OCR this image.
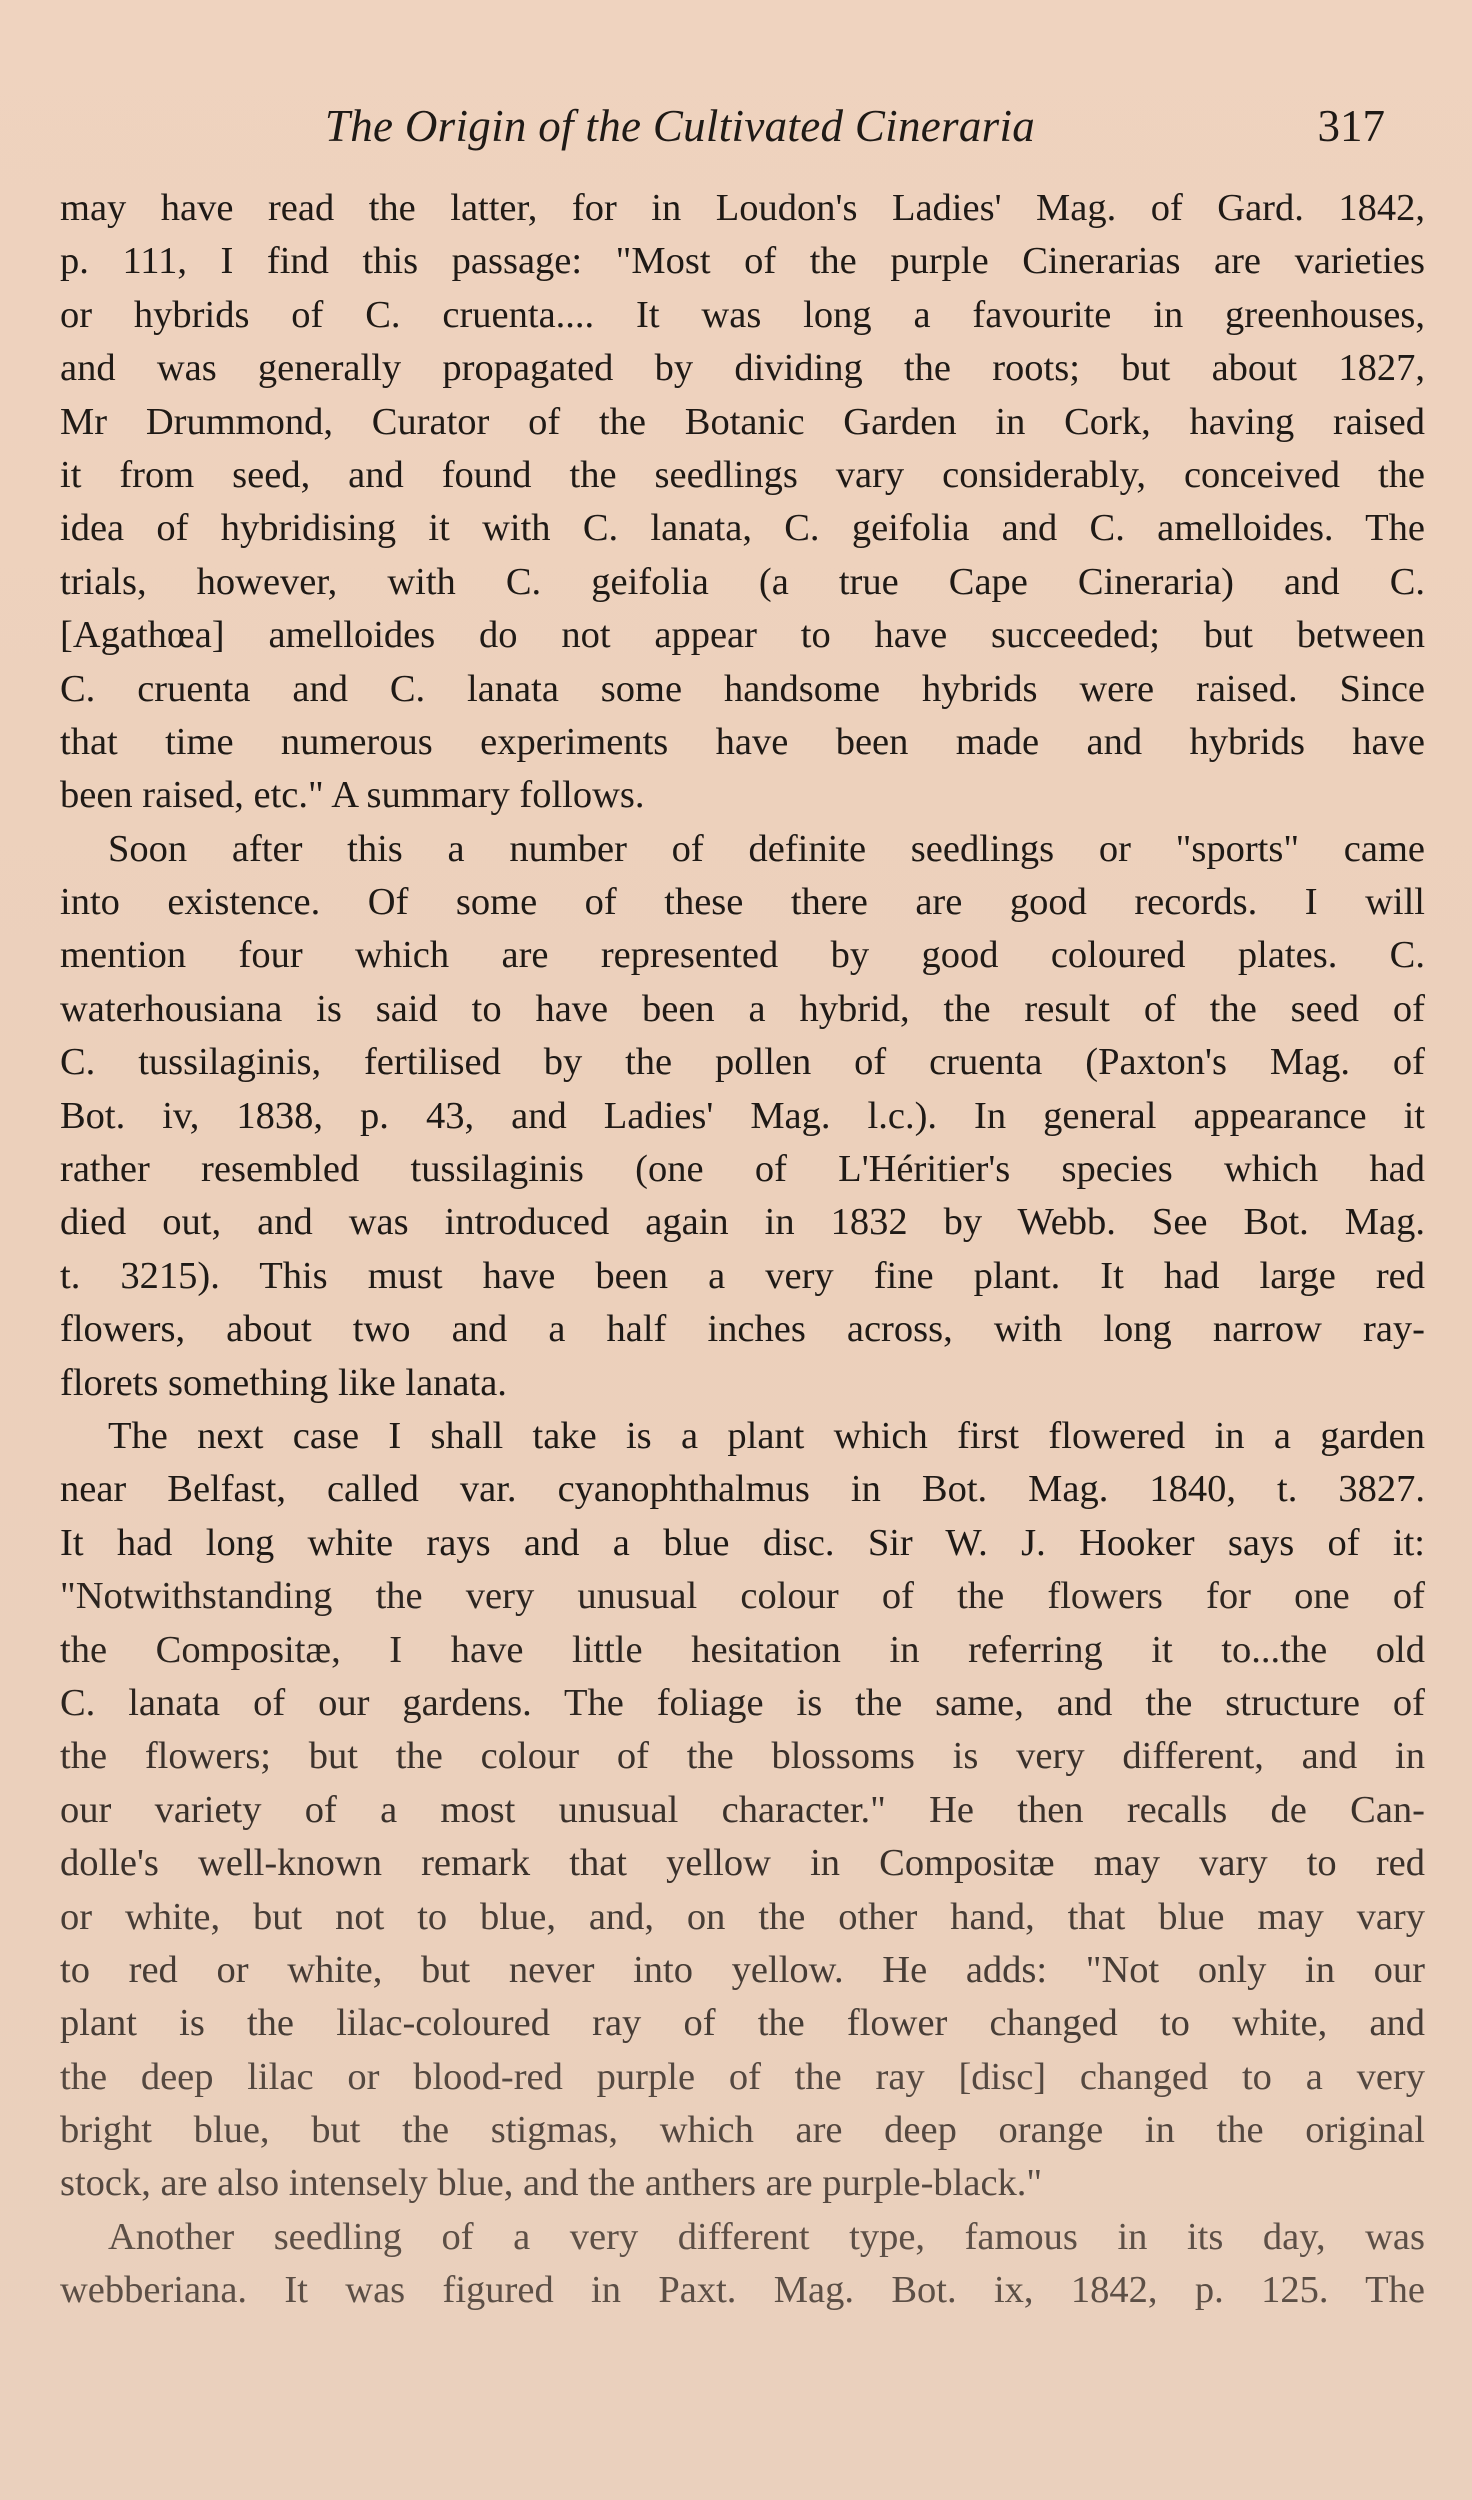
The Origin of the Cultivated Cineraria	317
may have read the latter, for in Loudon's Ladies' Mag. of Gard. 1842,
p. 111, I find this passage: "Most of the purple Cinerarias are varieties
or hybrids of C. cruenta.... It was long a favourite in greenhouses,
and was generally propagated by dividing the roots; but about 1827,
Mr Drummond, Curator of the Botanic Garden in Cork, having raised
it from seed, and found the seedlings vary considerably, conceived the
idea of hybridising it with C. lanata, C. geifolia and C. amelloides. The
trials, however, with C. geifolia (a true Cape Cineraria) and C.
[Agathœa] amelloides do not appear to have succeeded; but between
C. cruenta and C. lanata some handsome hybrids were raised. Since
that time numerous experiments have been made and hybrids have
been raised, etc." A summary follows.
Soon after this a number of definite seedlings or "sports" came
into existence. Of some of these there are good records. I will
mention four which are represented by good coloured plates. C.
waterhousiana is said to have been a hybrid, the result of the seed of
C. tussilaginis, fertilised by the pollen of cruenta (Paxton's Mag. of
Bot. iv, 1838, p. 43, and Ladies' Mag. l.c.). In general appearance it
rather resembled tussilaginis (one of L'Héritier's species which had
died out, and was introduced again in 1832 by Webb. See Bot. Mag.
t. 3215). This must have been a very fine plant. It had large red
flowers, about two and a half inches across, with long narrow ray-
florets something like lanata.
The next case I shall take is a plant which first flowered in a garden
near Belfast, called var. cyanophthalmus in Bot. Mag. 1840, t. 3827.
It had long white rays and a blue disc. Sir W. J. Hooker says of it:
"Notwithstanding the very unusual colour of the flowers for one of
the Compositæ, I have little hesitation in referring it to...the old
C. lanata of our gardens. The foliage is the same, and the structure of
the flowers; but the colour of the blossoms is very different, and in
our variety of a most unusual character." He then recalls de Can-
dolle's well-known remark that yellow in Compositæ may vary to red
or white, but not to blue, and, on the other hand, that blue may vary
to red or white, but never into yellow. He adds: "Not only in our
plant is the lilac-coloured ray of the flower changed to white, and
the deep lilac or blood-red purple of the ray [disc] changed to a very
bright blue, but the stigmas, which are deep orange in the original
stock, are also intensely blue, and the anthers are purple-black."
Another seedling of a very different type, famous in its day, was
webberiana. It was figured in Paxt. Mag. Bot. ix, 1842, p. 125. The
